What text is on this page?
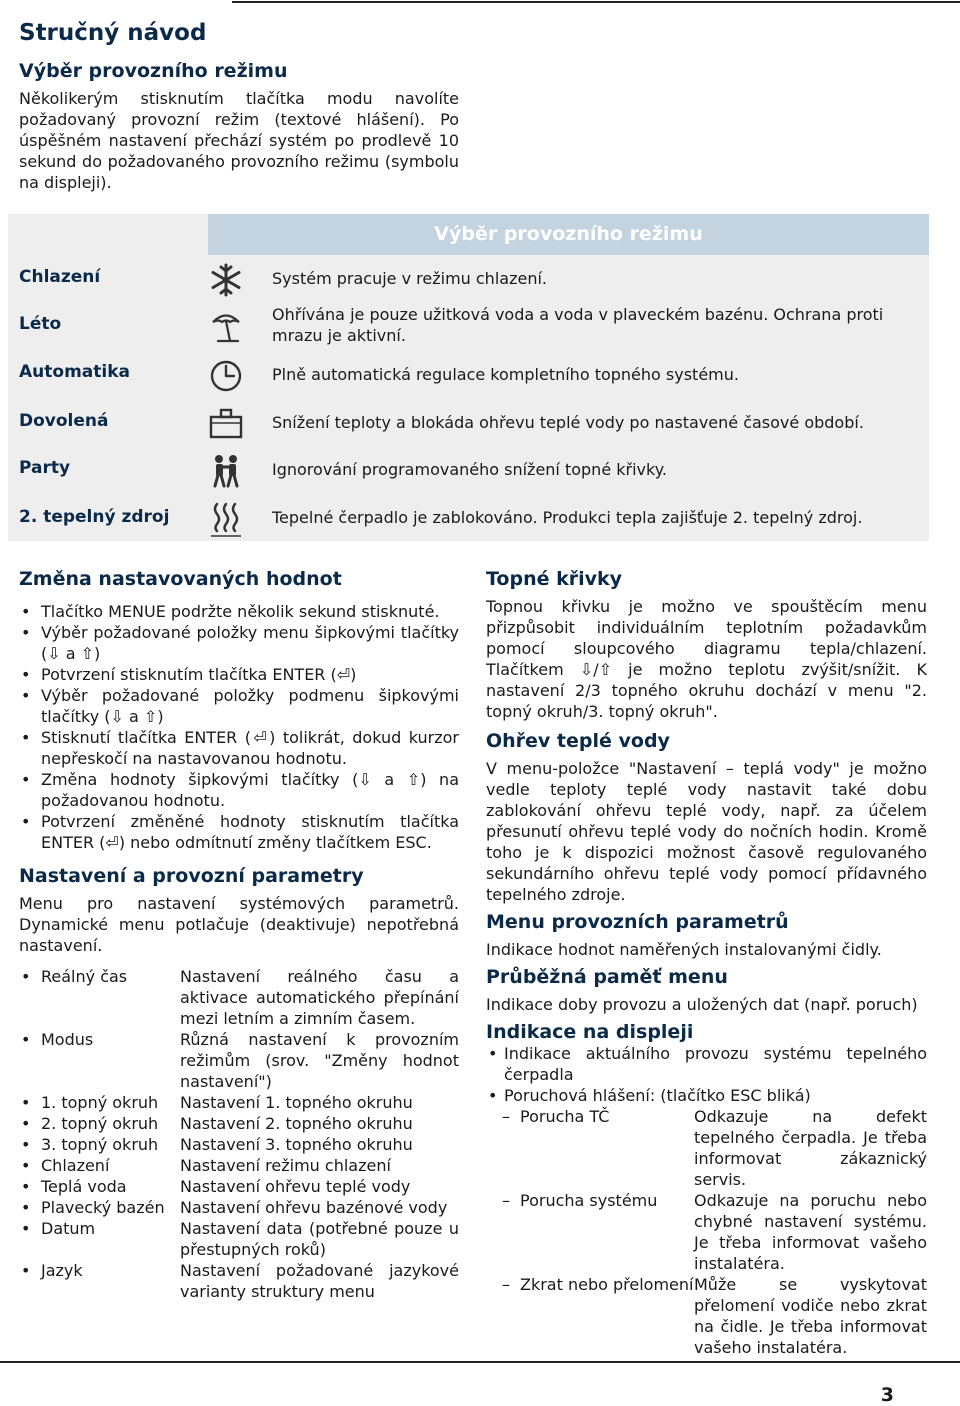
Stručný návod
Výběr provozního režimu

Několikerým stisknutím tlačítka modu navolíte požadovaný provozní režim (textové hlášení). Po úspěšném nastavení přechází systém po prodlevě 10 sekund do požadovaného provozního režimu (symbolu na displeji).

Výběr provozního režimu
Chlazení	Systém pracuje v režimu chlazení.
Léto	Ohřívána je pouze užitková voda a voda v plaveckém bazénu. Ochrana proti mrazu je aktivní.
Automatika	Plně automatická regulace kompletního topného systému.
Dovolená	Snížení teploty a blokáda ohřevu teplé vody po nastavené časové období.
Party	Ignorování programovaného snížení topné křivky.
2. tepelný zdroj	Tepelné čerpadlo je zablokováno. Produkci tepla zajišťuje 2. tepelný zdroj.
Změna nastavovaných hodnot
• Tlačítko MENUE podržte několik sekund stisknuté.
• Výběr požadované položky menu šipkovými tlačítky (⇩ a ⇧)
• Potvrzení stisknutím tlačítka ENTER (⏎)
• Výběr požadované položky podmenu šipkovými tlačítky (⇩ a ⇧)
• Stisknutí tlačítka ENTER (⏎) tolikrát, dokud kurzor nepřeskočí na nastavovanou hodnotu.
• Změna hodnoty šipkovými tlačítky (⇩ a ⇧) na požadovanou hodnotu.
• Potvrzení změněné hodnoty stisknutím tlačítka ENTER (⏎) nebo odmítnutí změny tlačítkem ESC.
Nastavení a provozní parametry

Menu pro nastavení systémových parametrů. Dynamické menu potlačuje (deaktivuje) nepotřebná nastavení.

• Reálný čas	Nastavení reálného času a aktivace automatického přepínání mezi letním a zimním časem.
• Modus	Různá nastavení k provozním režimům (srov. "Změny hodnot nastavení")
• 1. topný okruh	Nastavení 1. topného okruhu
• 2. topný okruh	Nastavení 2. topného okruhu
• 3. topný okruh	Nastavení 3. topného okruhu
• Chlazení	Nastavení režimu chlazení
• Teplá voda	Nastavení ohřevu teplé vody
• Plavecký bazén Nastavení ohřevu bazénové vody
• Datum	Nastavení data (potřebné pouze u přestupných roků)
• Jazyk	Nastavení požadované jazykové varianty struktury menu
Topné křivky

Topnou křivku je možno ve spouštěcím menu přizpůsobit individuálním teplotním požadavkům pomocí sloupcového diagramu tepla/chlazení. Tlačítkem ⇩/⇧ je možno teplotu zvýšit/snížit. K nastavení 2/3 topného okruhu dochází v menu "2. topný okruh/3. topný okruh".

Ohřev teplé vody

V menu-položce "Nastavení – teplá vody" je možno vedle teploty teplé vody nastavit také dobu zablokování ohřevu teplé vody, např. za účelem přesunutí ohřevu teplé vody do nočních hodin. Kromě toho je k dispozici možnost časově regulovaného sekundárního ohřevu teplé vody pomocí přídavného tepelného zdroje.

Menu provozních parametrů

Indikace hodnot naměřených instalovanými čidly.

Průběžná paměť menu

Indikace doby provozu a uložených dat (např. poruch)

Indikace na displeji
• Indikace aktuálního provozu systému tepelného čerpadla
• Poruchová hlášení: (tlačítko ESC bliká)
– Porucha TČ	Odkazuje na defekt tepelného čerpadla. Je třeba informovat zákaznický servis.
– Porucha systému	Odkazuje na poruchu nebo chybné nastavení systému. Je třeba informovat vašeho instalatéra.
– Zkrat nebo přelomení Může se vyskytovat přelomení vodiče nebo zkrat na čidle. Je třeba informovat vašeho instalatéra.
3
